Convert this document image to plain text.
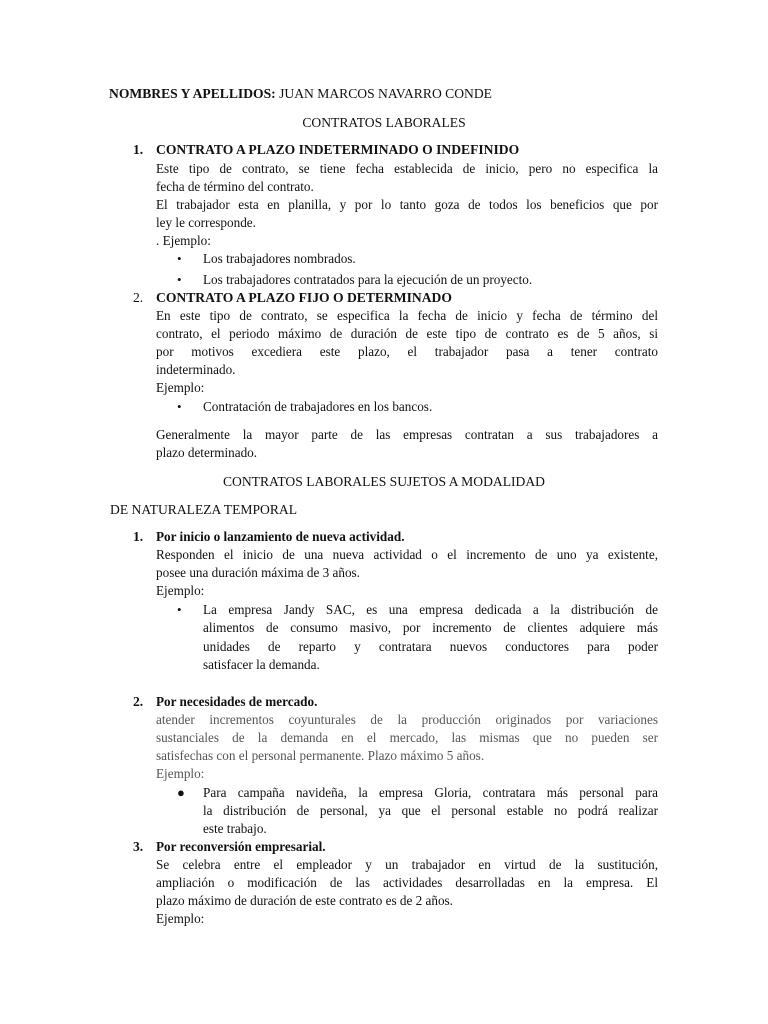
NOMBRES Y APELLIDOS: JUAN MARCOS NAVARRO CONDE
CONTRATOS LABORALES
1. CONTRATO A PLAZO INDETERMINADO O INDEFINIDO
Este tipo de contrato, se tiene fecha establecida de inicio, pero no especifica la
fecha de término del contrato.
El trabajador esta en planilla, y por lo tanto goza de todos los beneficios que por
ley le corresponde.
. Ejemplo:
• Los trabajadores nombrados.
• Los trabajadores contratados para la ejecución de un proyecto.
2. CONTRATO A PLAZO FIJO O DETERMINADO
En este tipo de contrato, se especifica la fecha de inicio y fecha de término del
contrato, el periodo máximo de duración de este tipo de contrato es de 5 años, si
por motivos excediera este plazo, el trabajador pasa a tener contrato
indeterminado.
Ejemplo:
• Contratación de trabajadores en los bancos.
Generalmente la mayor parte de las empresas contratan a sus trabajadores a
plazo determinado.
CONTRATOS LABORALES SUJETOS A MODALIDAD
DE NATURALEZA TEMPORAL
1. Por inicio o lanzamiento de nueva actividad.
Responden el inicio de una nueva actividad o el incremento de uno ya existente,
posee una duración máxima de 3 años.
Ejemplo:
• La empresa Jandy SAC, es una empresa dedicada a la distribución de
alimentos de consumo masivo, por incremento de clientes adquiere más
unidades de reparto y contratara nuevos conductores para poder
satisfacer la demanda.
2. Por necesidades de mercado.
atender incrementos coyunturales de la producción originados por variaciones
sustanciales de la demanda en el mercado, las mismas que no pueden ser
satisfechas con el personal permanente. Plazo máximo 5 años.
Ejemplo:
● Para campaña navideña, la empresa Gloria, contratara más personal para
la distribución de personal, ya que el personal estable no podrá realizar
este trabajo.
3. Por reconversión empresarial.
Se celebra entre el empleador y un trabajador en virtud de la sustitución,
ampliación o modificación de las actividades desarrolladas en la empresa. El
plazo máximo de duración de este contrato es de 2 años.
Ejemplo:
